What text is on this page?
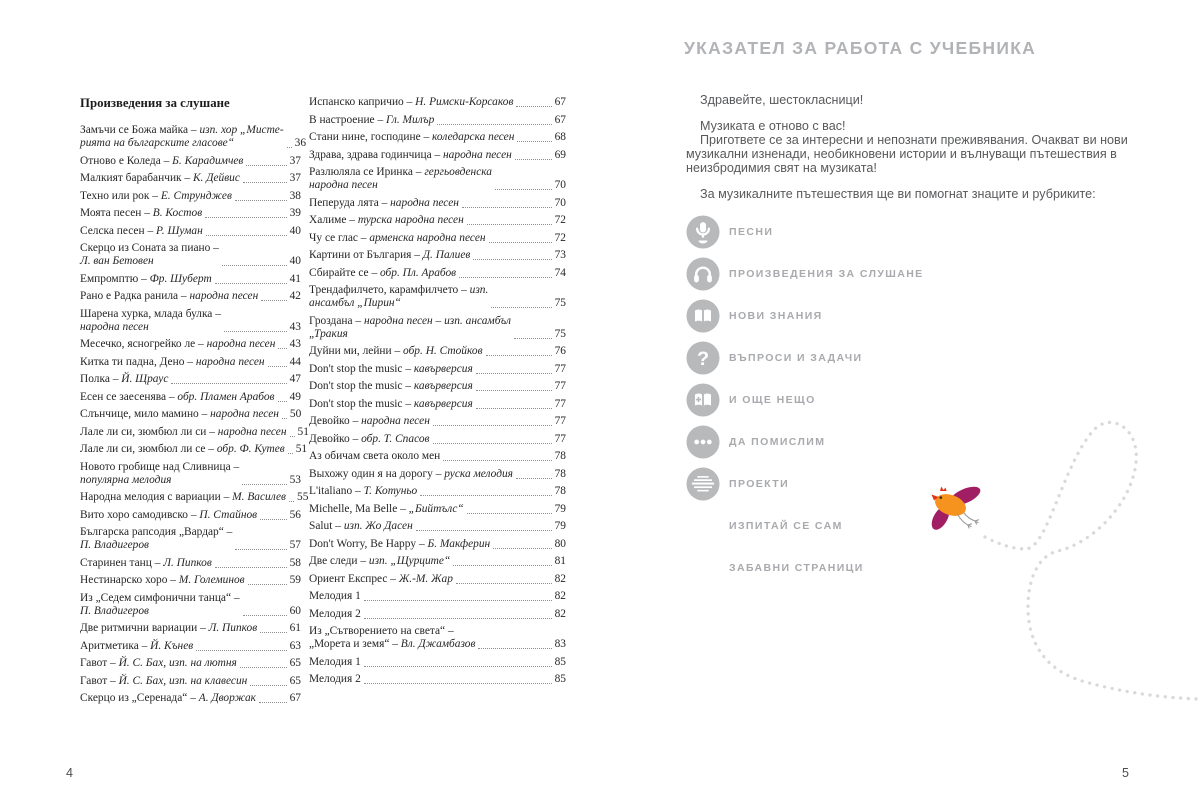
Произведения за слушане
Замъчи се Божа майка – изп. хор „Мисте-
рията на българските гласове“	36
Отново е Коледа – Б. Карадимчев	37
Малкият барабанчик – К. Дейвис	37
Техно или рок – Е. Струнджев	38
Моята песен – В. Костов	39
Селска песен – Р. Шуман	40
Скерцо из Соната за пиано –
Л. ван Бетовен	40
Емпромптю – Фр. Шуберт	41
Рано е Радка ранила – народна песен	42
Шарена хурка, млада булка –
народна песен	43
Месечко, ясногрейко ле – народна песен 43
Китка ти падна, Дено – народна песен 44
Полка – Й. Щраус	47
Есен се заесенява – обр. Пламен Арабов 49
Слънчице, мило мамино – народна песен 50
Лале ли си, зюмбюл ли си – народна песен 51
Лале ли си, зюмбюл ли се – обр. Ф. Кутев 51
Новото гробище над Сливница –
популярна мелодия	53
Народна мелодия с вариации – М. Василев 55
Вито хоро самодивско – П. Стайнов	56
Българска рапсодия „Вардар“ –
П. Владигеров	57
Старинен танц – Л. Пипков	58
Нестинарско хоро – М. Големинов	59
Из „Седем симфонични танца“ –
П. Владигеров	60
Две ритмични вариации – Л. Пипков	61
Аритметика – Й. Кънев	63
Гавот – Й. С. Бах, изп. на лютня	65
Гавот – Й. С. Бах, изп. на клавесин	65
Скерцо из „Серенада“ – А. Дворжак	67
Испанско капричио – Н. Римски-Корсаков	67
В настроение – Гл. Милър	67
Стани нине, господине – коледарска песен	68
Здрава, здрава годинчица – народна песен	69
Разлюляла се Иринка – гергьовденска
народна песен	70
Пеперуда лята – народна песен	70
Халиме – турска народна песен	72
Чу се глас – арменска народна песен	72
Картини от България – Д. Палиев	73
Сбирайте се – обр. Пл. Арабов	74
Трендафилчето, карамфилчето – изп.
ансамбъл „Пирин“	75
Гроздана – народна песен – изп. ансамбъл
„Тракия	75
Дуйни ми, лейни – обр. Н. Стойков	76
Don't stop the music – кавърверсия	77
Don't stop the music – кавърверсия	77
Don't stop the music – кавърверсия	77
Девойко – народна песен	77
Девойко – обр. Т. Спасов	77
Аз обичам света около мен	78
Выхожу один я на дорогу – руска мелодия	78
L'italiano – Т. Котуньо	78
Michelle, Ma Belle – „Бийтълс“	79
Salut – изп. Жо Дасен	79
Don't Worry, Be Happy – Б. Макферин	80
Две следи – изп. „Щурците“	81
Ориент Експрес – Ж.-М. Жар	82
Мелодия 1	82
Мелодия 2	82
Из „Сътворението на света“ –
„Морета и земя“ – Вл. Джамбазов	83
Мелодия 1	85
Мелодия 2	85
4
УКАЗАТЕЛ ЗА РАБОТА С УЧЕБНИКА

Здравейте, шестокласници!

Музиката е отново с вас!

Пригответе се за интересни и непознати преживявания. Очакват ви нови музикални изненади, необикновени истории и вълнуващи пътешествия в неизбродимия свят на музиката!

За музикалните пътешествия ще ви помогнат знаците и рубриките:

ПЕСНИ
ПРОИЗВЕДЕНИЯ ЗА СЛУШАНЕ
НОВИ ЗНАНИЯ
? ВЪПРОСИ И ЗАДАЧИ
И ОЩЕ НЕЩО
ДА ПОМИСЛИМ
ПРОЕКТИ
ИЗПИТАЙ СЕ САМ
ЗАБАВНИ СТРАНИЦИ
5
